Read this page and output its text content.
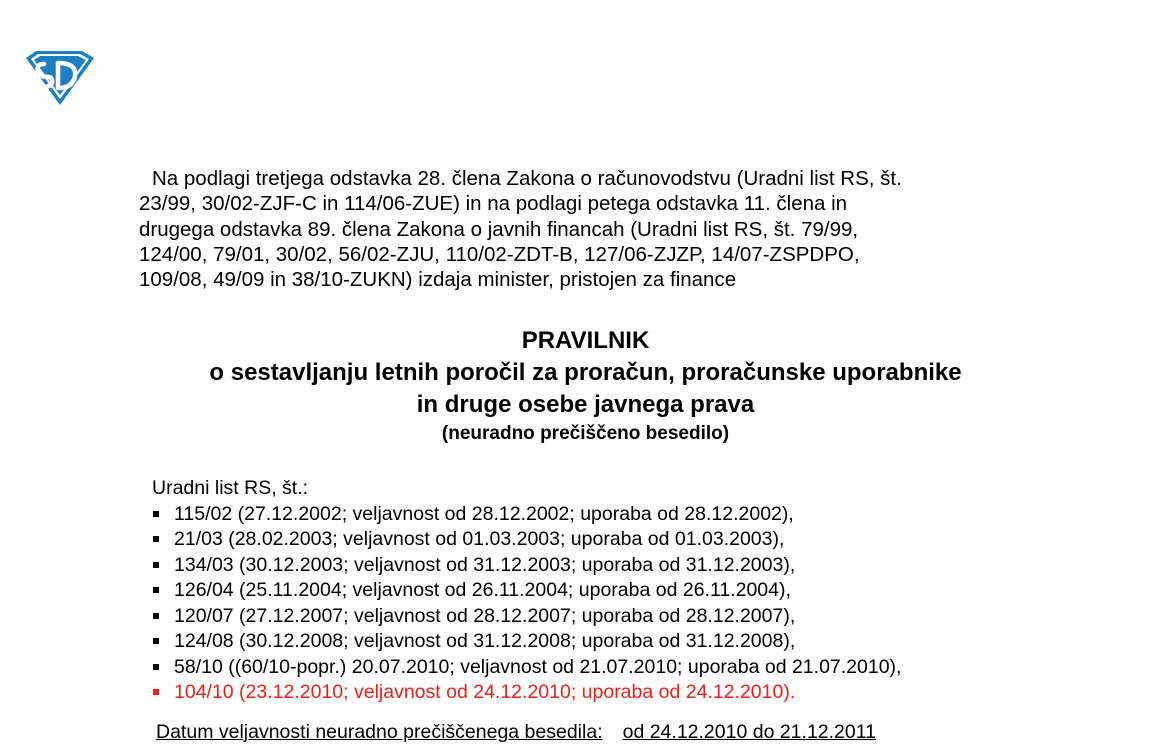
Na podlagi tretjega odstavka 28. člena Zakona o računovodstvu (Uradni list RS, št.
23/99, 30/02-ZJF-C in 114/06-ZUE) in na podlagi petega odstavka 11. člena in
drugega odstavka 89. člena Zakona o javnih financah (Uradni list RS, št. 79/99,
124/00, 79/01, 30/02, 56/02-ZJU, 110/02-ZDT-B, 127/06-ZJZP, 14/07-ZSPDPO,
109/08, 49/09 in 38/10-ZUKN) izdaja minister, pristojen za finance
PRAVILNIK
o sestavljanju letnih poročil za proračun, proračunske uporabnike
in druge osebe javnega prava
(neuradno prečiščeno besedilo)
Uradni list RS, št.:
115/02 (27.12.2002; veljavnost od 28.12.2002; uporaba od 28.12.2002),
21/03 (28.02.2003; veljavnost od 01.03.2003; uporaba od 01.03.2003),
134/03 (30.12.2003; veljavnost od 31.12.2003; uporaba od 31.12.2003),
126/04 (25.11.2004; veljavnost od 26.11.2004; uporaba od 26.11.2004),
120/07 (27.12.2007; veljavnost od 28.12.2007; uporaba od 28.12.2007),
124/08 (30.12.2008; veljavnost od 31.12.2008; uporaba od 31.12.2008),
58/10 ((60/10-popr.) 20.07.2010; veljavnost od 21.07.2010; uporaba od 21.07.2010),
104/10 (23.12.2010; veljavnost od 24.12.2010; uporaba od 24.12.2010).
Datum veljavnosti neuradno prečiščenega besedila: od 24.12.2010 do 21.12.2011
